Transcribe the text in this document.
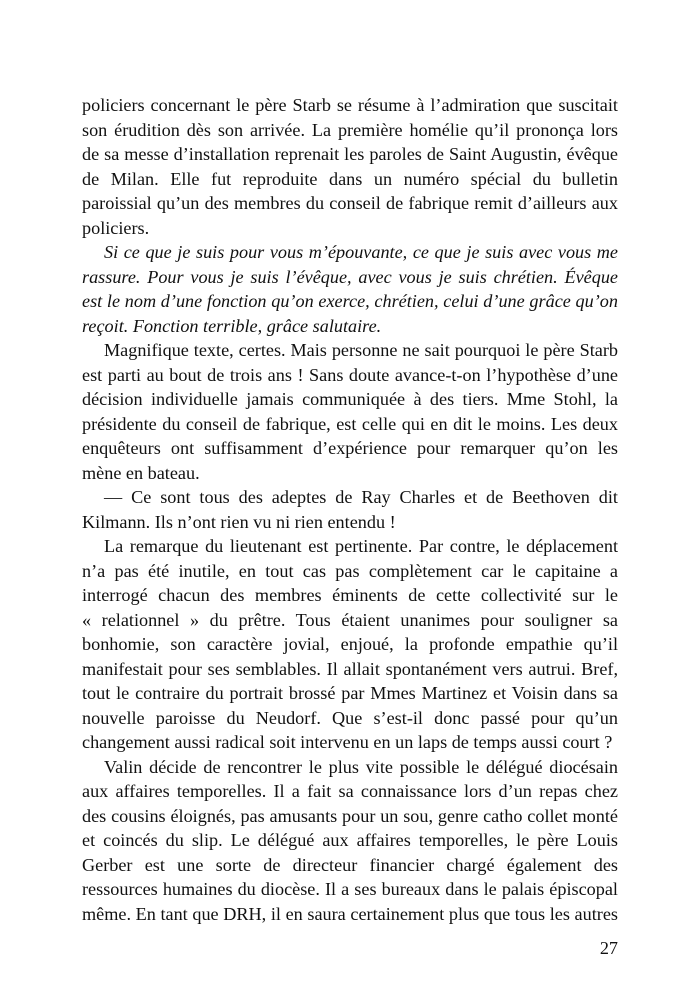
policiers concernant le père Starb se résume à l’admiration que suscitait
son érudition dès son arrivée. La première homélie qu’il prononça lors
de sa messe d’installation reprenait les paroles de Saint Augustin, évêque
de Milan. Elle fut reproduite dans un numéro spécial du bulletin
paroissial qu’un des membres du conseil de fabrique remit d’ailleurs aux
policiers.
Si ce que je suis pour vous m’épouvante, ce que je suis avec vous me
rassure. Pour vous je suis l’évêque, avec vous je suis chrétien. Évêque
est le nom d’une fonction qu’on exerce, chrétien, celui d’une grâce qu’on
reçoit. Fonction terrible, grâce salutaire.
Magnifique texte, certes. Mais personne ne sait pourquoi le père Starb
est parti au bout de trois ans ! Sans doute avance-t-on l’hypothèse d’une
décision individuelle jamais communiquée à des tiers. Mme Stohl, la
présidente du conseil de fabrique, est celle qui en dit le moins. Les deux
enquêteurs ont suffisamment d’expérience pour remarquer qu’on les
mène en bateau.
— Ce sont tous des adeptes de Ray Charles et de Beethoven dit
Kilmann. Ils n’ont rien vu ni rien entendu !
La remarque du lieutenant est pertinente. Par contre, le déplacement
n’a pas été inutile, en tout cas pas complètement car le capitaine a
interrogé chacun des membres éminents de cette collectivité sur le
« relationnel » du prêtre. Tous étaient unanimes pour souligner sa
bonhomie, son caractère jovial, enjoué, la profonde empathie qu’il
manifestait pour ses semblables. Il allait spontanément vers autrui. Bref,
tout le contraire du portrait brossé par Mmes Martinez et Voisin dans sa
nouvelle paroisse du Neudorf. Que s’est-il donc passé pour qu’un
changement aussi radical soit intervenu en un laps de temps aussi court ?
Valin décide de rencontrer le plus vite possible le délégué diocésain
aux affaires temporelles. Il a fait sa connaissance lors d’un repas chez
des cousins éloignés, pas amusants pour un sou, genre catho collet monté
et coincés du slip. Le délégué aux affaires temporelles, le père Louis
Gerber est une sorte de directeur financier chargé également des
ressources humaines du diocèse. Il a ses bureaux dans le palais épiscopal
même. En tant que DRH, il en saura certainement plus que tous les autres
27
